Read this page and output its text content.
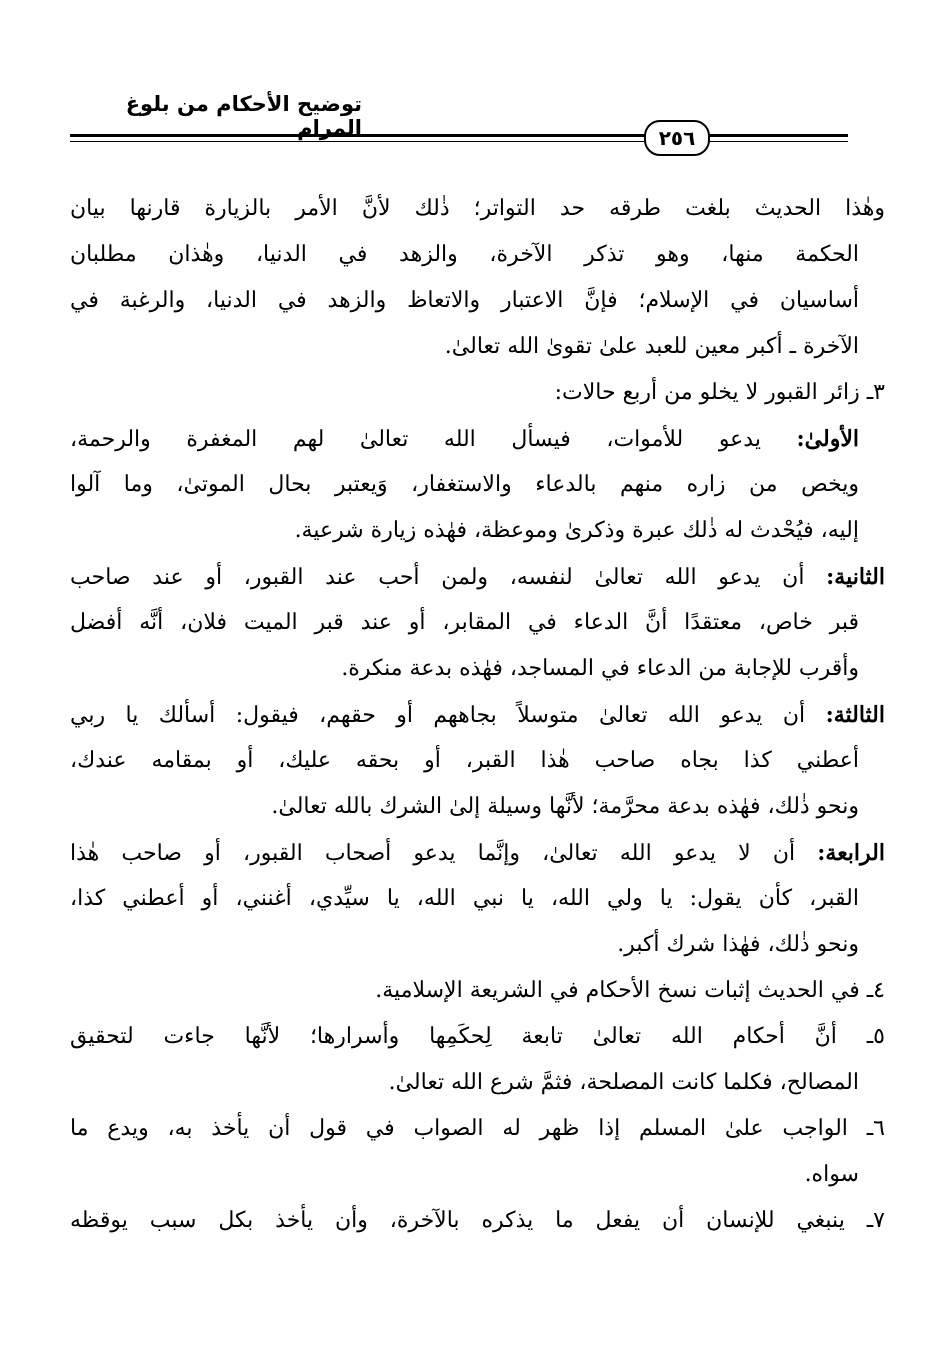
توضيح الأحكام من بلوغ المرام	٢٥٦
وهٰذا الحديث بلغت طرقه حد التواتر؛ ذٰلك لأنَّ الأمر بالزيارة قارنها بيان
الحكمة منها، وهو تذكر الآخرة، والزهد في الدنيا، وهٰذان مطلبان
أساسيان في الإسلام؛ فإنَّ الاعتبار والاتعاظ والزهد في الدنيا، والرغبة في
الآخرة ـ أكبر معين للعبد علىٰ تقوىٰ الله تعالىٰ.
٣ـ زائر القبور لا يخلو من أربع حالات:
الأولىٰ: يدعو للأموات، فيسأل الله تعالىٰ لهم المغفرة والرحمة،
ويخص من زاره منهم بالدعاء والاستغفار، وَيعتبر بحال الموتىٰ، وما آلوا
إليه، فيُحْدث له ذٰلك عبرة وذكرىٰ وموعظة، فهٰذه زيارة شرعية.
الثانية: أن يدعو الله تعالىٰ لنفسه، ولمن أحب عند القبور، أو عند صاحب
قبر خاص، معتقدًا أنَّ الدعاء في المقابر، أو عند قبر الميت فلان، أنَّه أفضل
وأقرب للإجابة من الدعاء في المساجد، فهٰذه بدعة منكرة.
الثالثة: أن يدعو الله تعالىٰ متوسلاً بجاههم أو حقهم، فيقول: أسألك يا ربي
أعطني كذا بجاه صاحب هٰذا القبر، أو بحقه عليك، أو بمقامه عندك،
ونحو ذٰلك، فهٰذه بدعة محرَّمة؛ لأنَّها وسيلة إلىٰ الشرك بالله تعالىٰ.
الرابعة: أن لا يدعو الله تعالىٰ، وإنَّما يدعو أصحاب القبور، أو صاحب هٰذا
القبر، كأن يقول: يا ولي الله، يا نبي الله، يا سيِّدي، أغنني، أو أعطني كذا،
ونحو ذٰلك، فهٰذا شرك أكبر.
٤ـ في الحديث إثبات نسخ الأحكام في الشريعة الإسلامية.
٥ـ أنَّ أحكام الله تعالىٰ تابعة لِحكَمِها وأسرارها؛ لأنَّها جاءت لتحقيق
المصالح، فكلما كانت المصلحة، فثمَّ شرع الله تعالىٰ.
٦ـ الواجب علىٰ المسلم إذا ظهر له الصواب في قول أن يأخذ به، ويدع ما
سواه.
٧ـ ينبغي للإنسان أن يفعل ما يذكره بالآخرة، وأن يأخذ بكل سبب يوقظه
